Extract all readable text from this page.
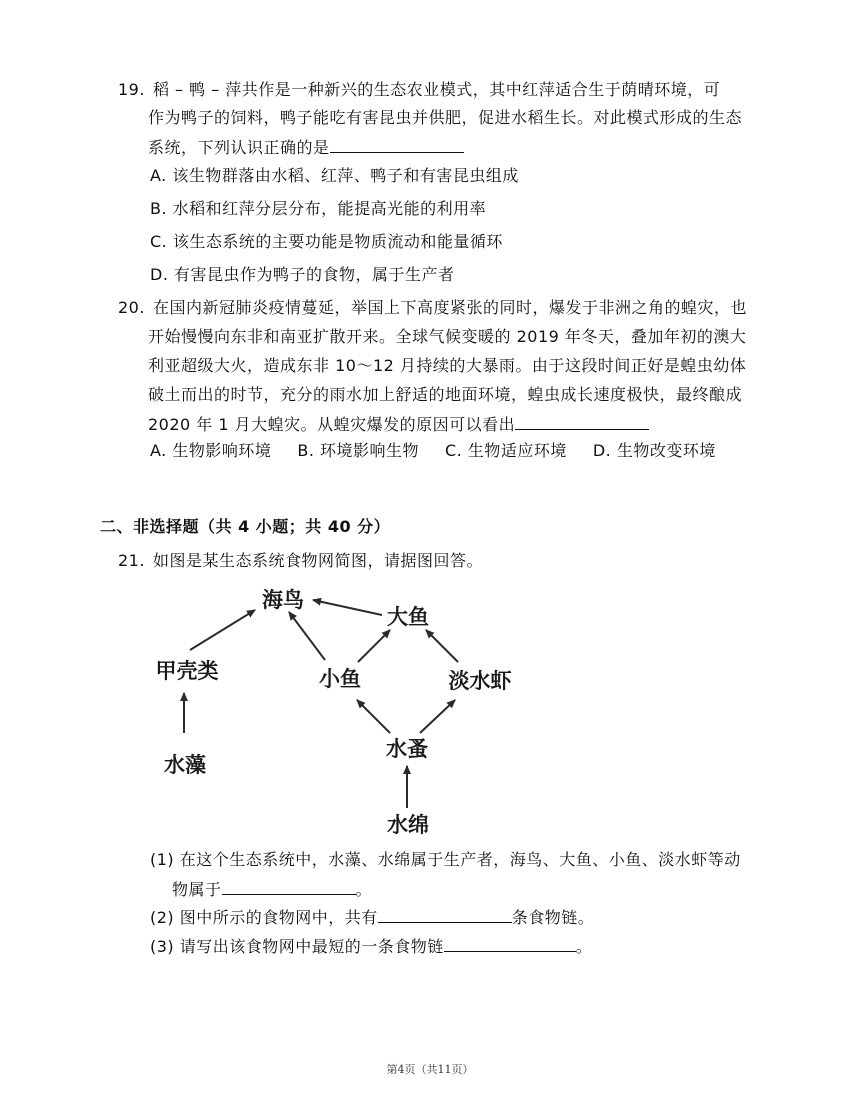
19. 稻 – 鸭 – 萍共作是一种新兴的生态农业模式，其中红萍适合生于荫晴环境，可
作为鸭子的饲料，鸭子能吃有害昆虫并供肥，促进水稻生长。对此模式形成的生态
系统，下列认识正确的是
A. 该生物群落由水稻、红萍、鸭子和有害昆虫组成
B. 水稻和红萍分层分布，能提高光能的利用率
C. 该生态系统的主要功能是物质流动和能量循环
D. 有害昆虫作为鸭子的食物，属于生产者
20. 在国内新冠肺炎疫情蔓延，举国上下高度紧张的同时，爆发于非洲之角的蝗灾，也
开始慢慢向东非和南亚扩散开来。全球气候变暖的 2019 年冬天，叠加年初的澳大
利亚超级大火，造成东非 10～12 月持续的大暴雨。由于这段时间正好是蝗虫幼体
破土而出的时节，充分的雨水加上舒适的地面环境，蝗虫成长速度极快，最终酿成
2020 年 1 月大蝗灾。从蝗灾爆发的原因可以看出
A. 生物影响环境 B. 环境影响生物 C. 生物适应环境 D. 生物改变环境
二、非选择题（共 4 小题；共 40 分）
21. 如图是某生态系统食物网简图，请据图回答。
海鸟
大鱼
甲壳类	小鱼	淡水虾
水藻
水蚤
水绵
(1) 在这个生态系统中，水藻、水绵属于生产者，海鸟、大鱼、小鱼、淡水虾等动
物属于	。
(2) 图中所示的食物网中，共有	条食物链。
(3) 请写出该食物网中最短的一条食物链	。
第4页（共11页）
